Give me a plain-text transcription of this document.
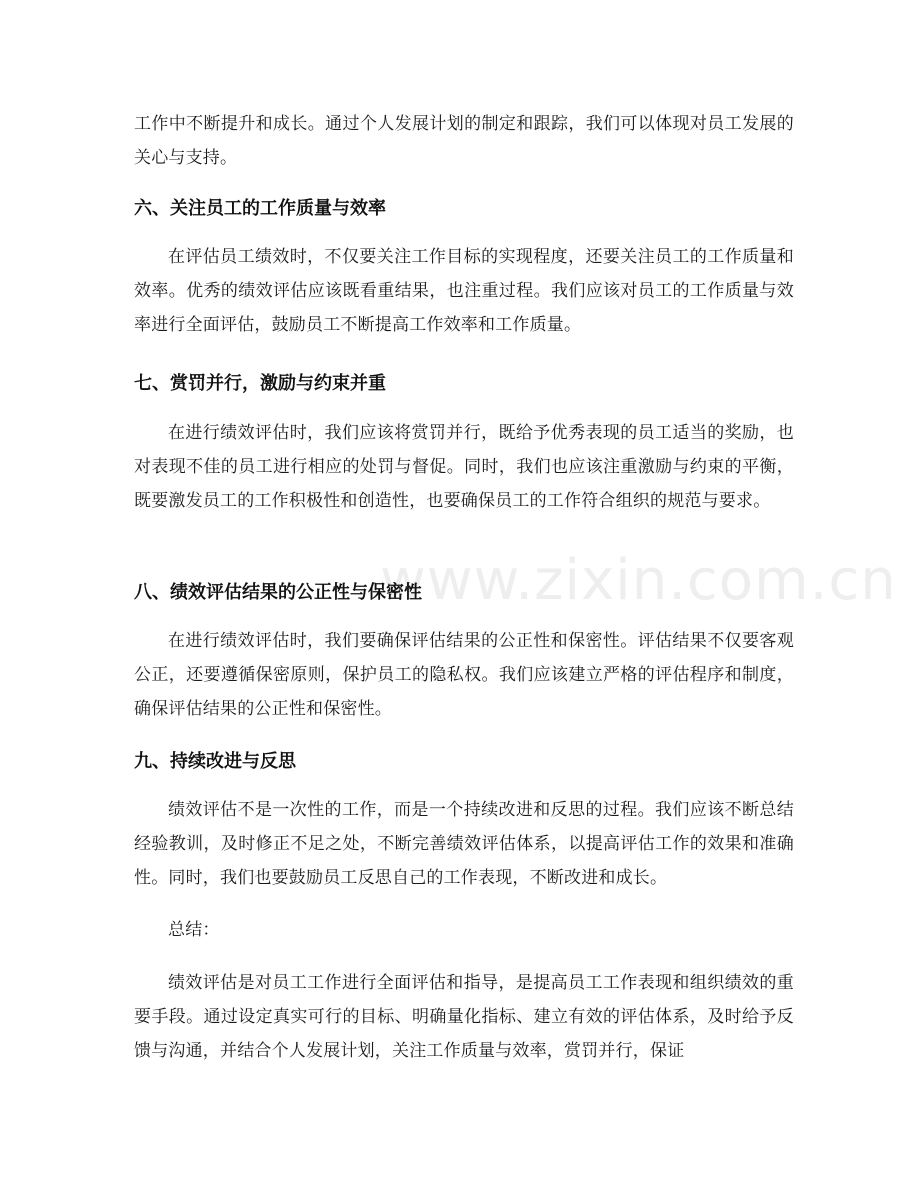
www.zixin.com.cn

工作中不断提升和成长。通过个人发展计划的制定和跟踪，我们可以体现对员工发展的关心与支持。

六、关注员工的工作质量与效率

在评估员工绩效时，不仅要关注工作目标的实现程度，还要关注员工的工作质量和效率。优秀的绩效评估应该既看重结果，也注重过程。我们应该对员工的工作质量与效率进行全面评估，鼓励员工不断提高工作效率和工作质量。

七、赏罚并行，激励与约束并重

在进行绩效评估时，我们应该将赏罚并行，既给予优秀表现的员工适当的奖励，也对表现不佳的员工进行相应的处罚与督促。同时，我们也应该注重激励与约束的平衡，既要激发员工的工作积极性和创造性，也要确保员工的工作符合组织的规范与要求。

八、绩效评估结果的公正性与保密性

在进行绩效评估时，我们要确保评估结果的公正性和保密性。评估结果不仅要客观公正，还要遵循保密原则，保护员工的隐私权。我们应该建立严格的评估程序和制度，确保评估结果的公正性和保密性。

九、持续改进与反思

绩效评估不是一次性的工作，而是一个持续改进和反思的过程。我们应该不断总结经验教训，及时修正不足之处，不断完善绩效评估体系，以提高评估工作的效果和准确性。同时，我们也要鼓励员工反思自己的工作表现，不断改进和成长。

总结：

绩效评估是对员工工作进行全面评估和指导，是提高员工工作表现和组织绩效的重要手段。通过设定真实可行的目标、明确量化指标、建立有效的评估体系，及时给予反馈与沟通，并结合个人发展计划，关注工作质量与效率，赏罚并行，保证
